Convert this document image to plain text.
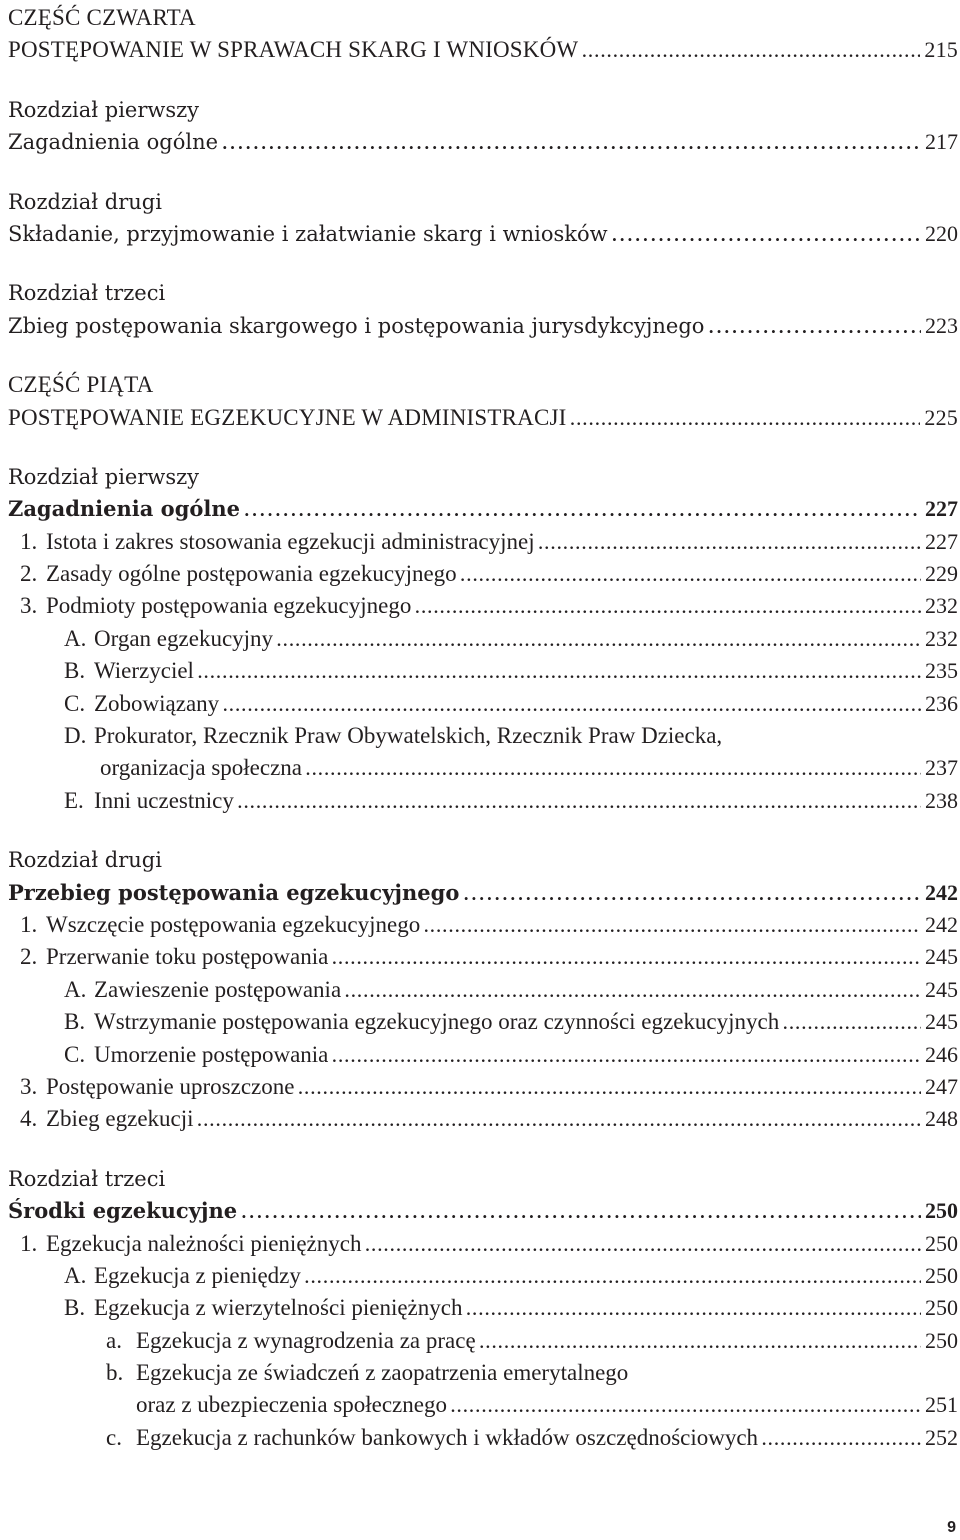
CZĘŚĆ CZWARTA
POSTĘPOWANIE W SPRAWACH SKARG I WNIOSKÓW .....	215
Rozdział pierwszy
Zagadnienia ogólne .....	217
Rozdział drugi
Składanie, przyjmowanie i załatwianie skarg i wniosków .....	220
Rozdział trzeci
Zbieg postępowania skargowego i postępowania jurysdykcyjnego .....	223
CZĘŚĆ PIĄTA
POSTĘPOWANIE EGZEKUCYJNE W ADMINISTRACJI .....	225
Rozdział pierwszy
Zagadnienia ogólne .....	227
1. Istota i zakres stosowania egzekucji administracyjnej .....	227
2. Zasady ogólne postępowania egzekucyjnego .....	229
3. Podmioty postępowania egzekucyjnego .....	232
A. Organ egzekucyjny .....	232
B. Wierzyciel .....	235
C. Zobowiązany .....	236
D. Prokurator, Rzecznik Praw Obywatelskich, Rzecznik Praw Dziecka,
organizacja społeczna .....	237
E. Inni uczestnicy .....	238
Rozdział drugi
Przebieg postępowania egzekucyjnego .....	242
1. Wszczęcie postępowania egzekucyjnego .....	242
2. Przerwanie toku postępowania .....	245
A. Zawieszenie postępowania .....	245
B. Wstrzymanie postępowania egzekucyjnego oraz czynności egzekucyjnych .....	245
C. Umorzenie postępowania .....	246
3. Postępowanie uproszczone .....	247
4. Zbieg egzekucji .....	248
Rozdział trzeci
Środki egzekucyjne .....	250
1. Egzekucja należności pieniężnych .....	250
A. Egzekucja z pieniędzy .....	250
B. Egzekucja z wierzytelności pieniężnych .....	250
a. Egzekucja z wynagrodzenia za pracę .....	250
b. Egzekucja ze świadczeń z zaopatrzenia emerytalnego
oraz z ubezpieczenia społecznego .....	251
c. Egzekucja z rachunków bankowych i wkładów oszczędnościowych .....	252
9
